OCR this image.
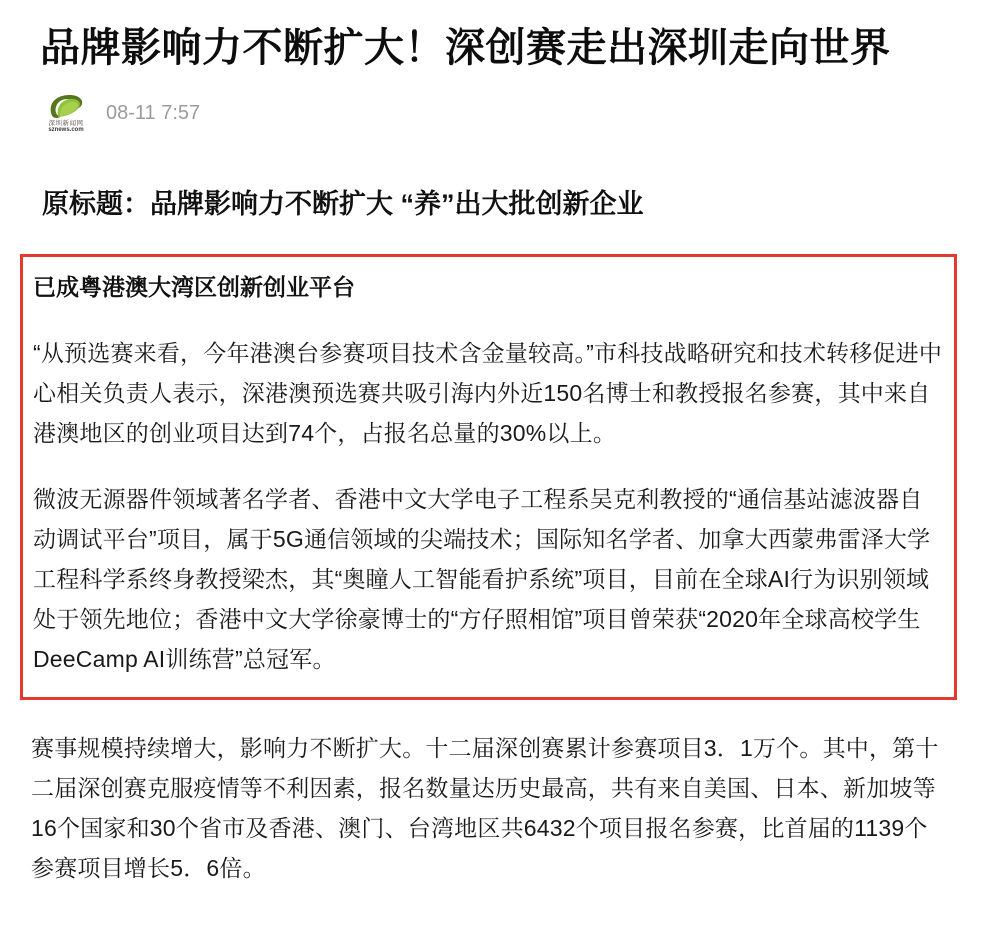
品牌影响力不断扩大！深创赛走出深圳走向世界
深圳新闻网
sznews.com
08-11 7:57
原标题：品牌影响力不断扩大 “养”出大批创新企业

已成粤港澳大湾区创新创业平台

“从预选赛来看，今年港澳台参赛项目技术含金量较高。”市科技战略研究和技术转移促进中心相关负责人表示，深港澳预选赛共吸引海内外近150名博士和教授报名参赛，其中来自港澳地区的创业项目达到74个，占报名总量的30%以上。

微波无源器件领域著名学者、香港中文大学电子工程系吴克利教授的“通信基站滤波器自动调试平台”项目，属于5G通信领域的尖端技术；国际知名学者、加拿大西蒙弗雷泽大学工程科学系终身教授梁杰，其“奥瞳人工智能看护系统”项目，目前在全球AI行为识别领域处于领先地位；香港中文大学徐豪博士的“方仔照相馆”项目曾荣获“2020年全球高校学生DeeCamp AI训练营”总冠军。

赛事规模持续增大，影响力不断扩大。十二届深创赛累计参赛项目3．1万个。其中，第十二届深创赛克服疫情等不利因素，报名数量达历史最高，共有来自美国、日本、新加坡等16个国家和30个省市及香港、澳门、台湾地区共6432个项目报名参赛，比首届的1139个参赛项目增长5．6倍。
